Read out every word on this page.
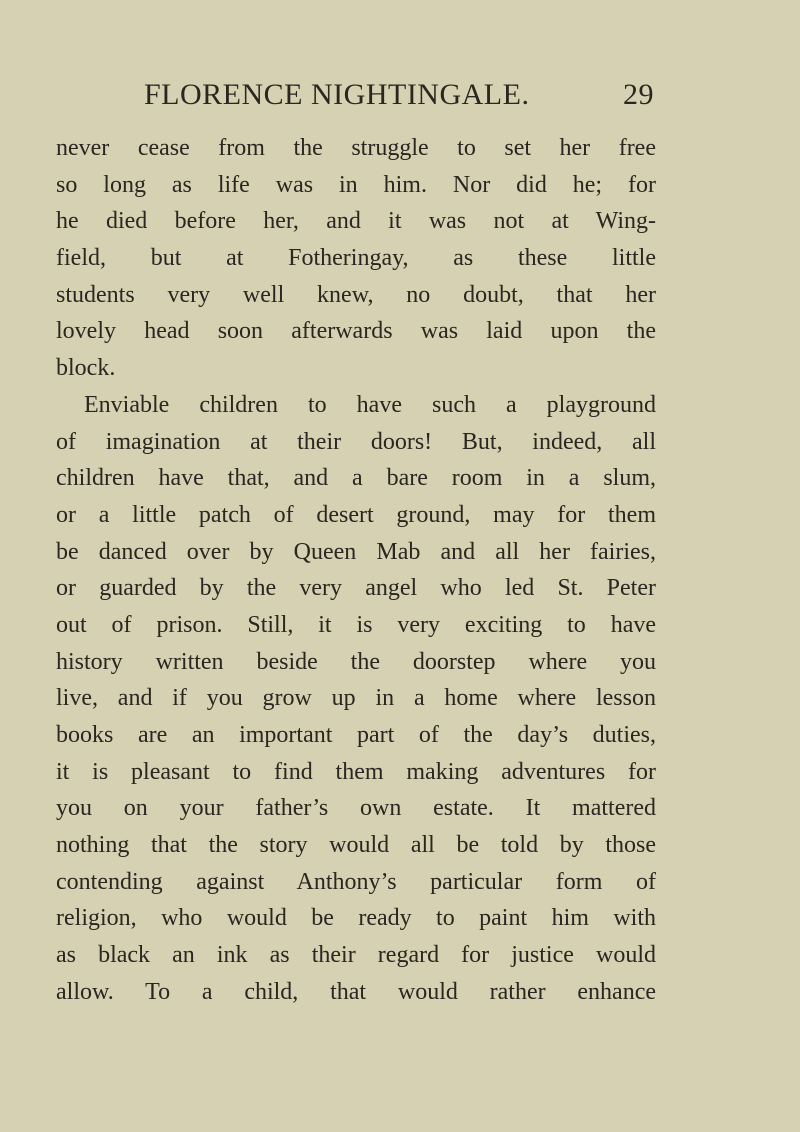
FLORENCE NIGHTINGALE.	29
never cease from the struggle to set her free
so long as life was in him. Nor did he; for
he died before her, and it was not at Wing-
field, but at Fotheringay, as these little
students very well knew, no doubt, that her
lovely head soon afterwards was laid upon the
block.
Enviable children to have such a playground
of imagination at their doors! But, indeed, all
children have that, and a bare room in a slum,
or a little patch of desert ground, may for them
be danced over by Queen Mab and all her fairies,
or guarded by the very angel who led St. Peter
out of prison. Still, it is very exciting to have
history written beside the doorstep where you
live, and if you grow up in a home where lesson
books are an important part of the day’s duties,
it is pleasant to find them making adventures for
you on your father’s own estate. It mattered
nothing that the story would all be told by those
contending against Anthony’s particular form of
religion, who would be ready to paint him with
as black an ink as their regard for justice would
allow. To a child, that would rather enhance
